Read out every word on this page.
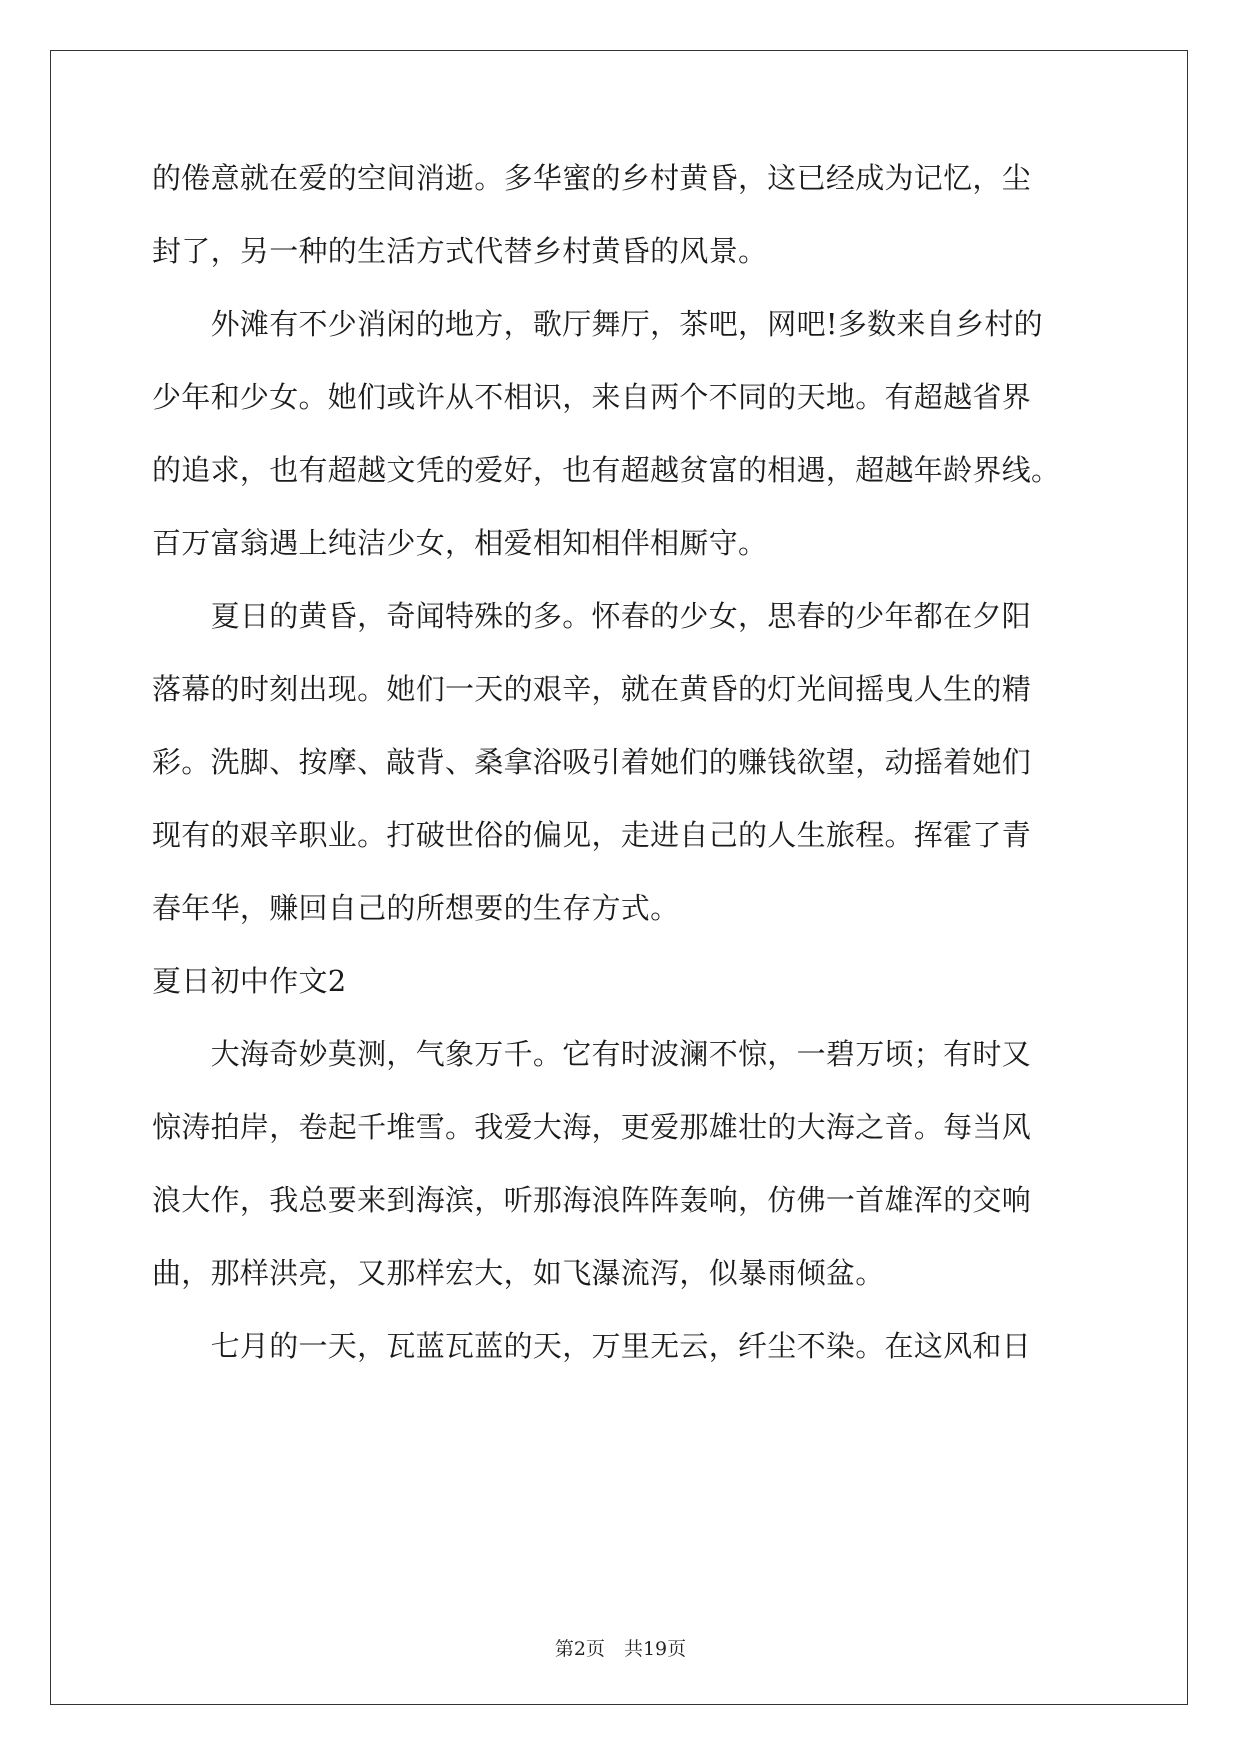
的倦意就在爱的空间消逝。多华蜜的乡村黄昏，这已经成为记忆，尘
封了，另一种的生活方式代替乡村黄昏的风景。
　　外滩有不少消闲的地方，歌厅舞厅，茶吧，网吧!多数来自乡村的
少年和少女。她们或许从不相识，来自两个不同的天地。有超越省界
的追求，也有超越文凭的爱好，也有超越贫富的相遇，超越年龄界线。
百万富翁遇上纯洁少女，相爱相知相伴相厮守。
　　夏日的黄昏，奇闻特殊的多。怀春的少女，思春的少年都在夕阳
落幕的时刻出现。她们一天的艰辛，就在黄昏的灯光间摇曳人生的精
彩。洗脚、按摩、敲背、桑拿浴吸引着她们的赚钱欲望，动摇着她们
现有的艰辛职业。打破世俗的偏见，走进自己的人生旅程。挥霍了青
春年华，赚回自己的所想要的生存方式。
夏日初中作文2
　　大海奇妙莫测，气象万千。它有时波澜不惊，一碧万顷；有时又
惊涛拍岸，卷起千堆雪。我爱大海，更爱那雄壮的大海之音。每当风
浪大作，我总要来到海滨，听那海浪阵阵轰响，仿佛一首雄浑的交响
曲，那样洪亮，又那样宏大，如飞瀑流泻，似暴雨倾盆。
　　七月的一天，瓦蓝瓦蓝的天，万里无云，纤尘不染。在这风和日
第2页　共19页
